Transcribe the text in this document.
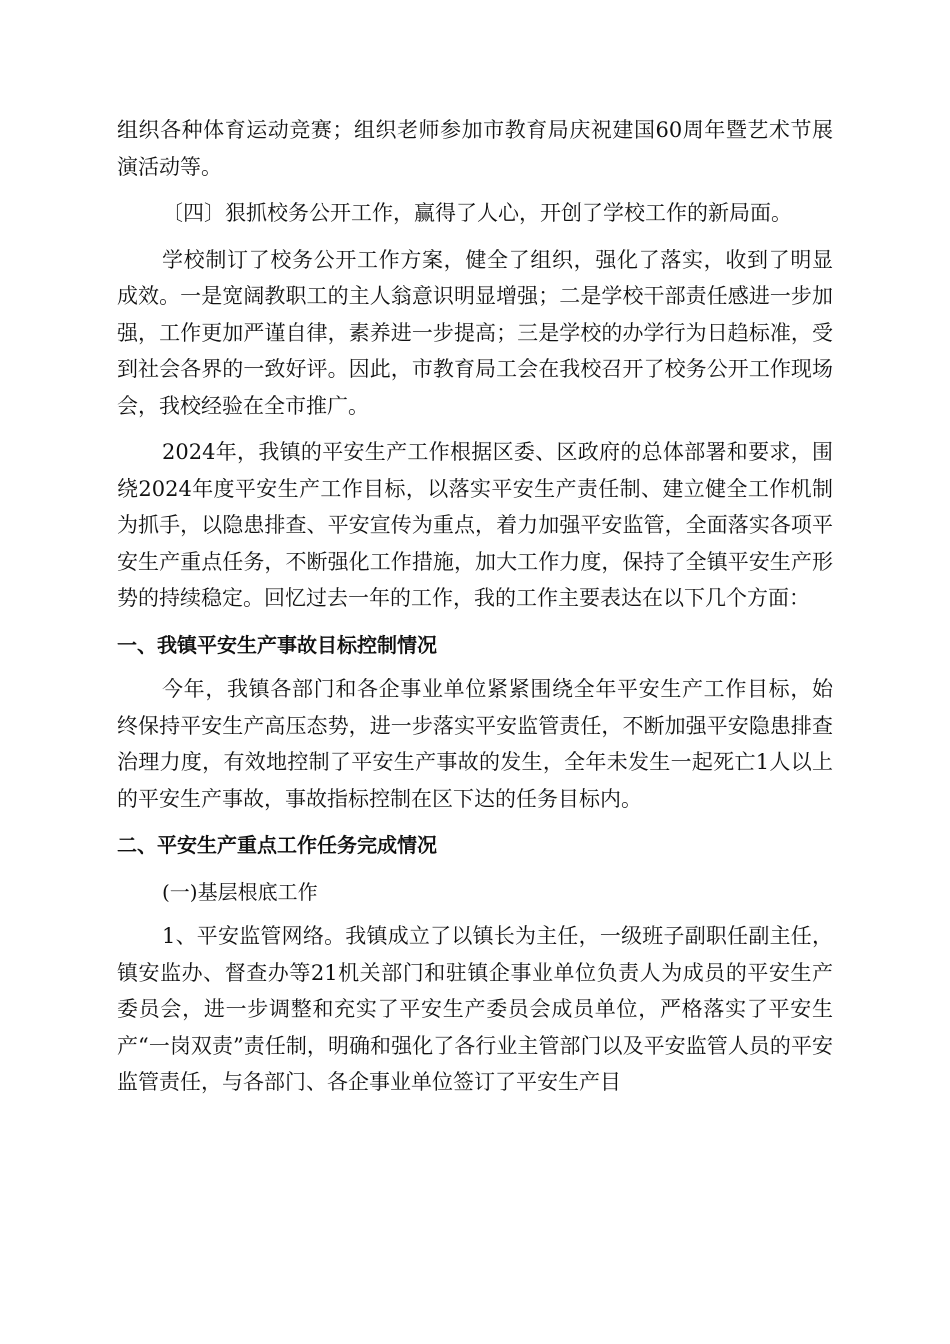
组织各种体育运动竞赛；组织老师参加市教育局庆祝建国60周年暨艺术节展演活动等。

〔四〕狠抓校务公开工作，赢得了人心，开创了学校工作的新局面。

学校制订了校务公开工作方案，健全了组织，强化了落实，收到了明显成效。一是宽阔教职工的主人翁意识明显增强；二是学校干部责任感进一步加强，工作更加严谨自律，素养进一步提高；三是学校的办学行为日趋标准，受到社会各界的一致好评。因此，市教育局工会在我校召开了校务公开工作现场会，我校经验在全市推广。

2024年，我镇的平安生产工作根据区委、区政府的总体部署和要求，围绕2024年度平安生产工作目标，以落实平安生产责任制、建立健全工作机制为抓手，以隐患排查、平安宣传为重点，着力加强平安监管，全面落实各项平安生产重点任务，不断强化工作措施，加大工作力度，保持了全镇平安生产形势的持续稳定。回忆过去一年的工作，我的工作主要表达在以下几个方面：

一、我镇平安生产事故目标控制情况

今年，我镇各部门和各企事业单位紧紧围绕全年平安生产工作目标，始终保持平安生产高压态势，进一步落实平安监管责任，不断加强平安隐患排查治理力度，有效地控制了平安生产事故的发生，全年未发生一起死亡1人以上的平安生产事故，事故指标控制在区下达的任务目标内。

二、平安生产重点工作任务完成情况

(一)基层根底工作

1、平安监管网络。我镇成立了以镇长为主任，一级班子副职任副主任，镇安监办、督查办等21机关部门和驻镇企事业单位负责人为成员的平安生产委员会，进一步调整和充实了平安生产委员会成员单位，严格落实了平安生产“一岗双责”责任制，明确和强化了各行业主管部门以及平安监管人员的平安监管责任，与各部门、各企事业单位签订了平安生产目
